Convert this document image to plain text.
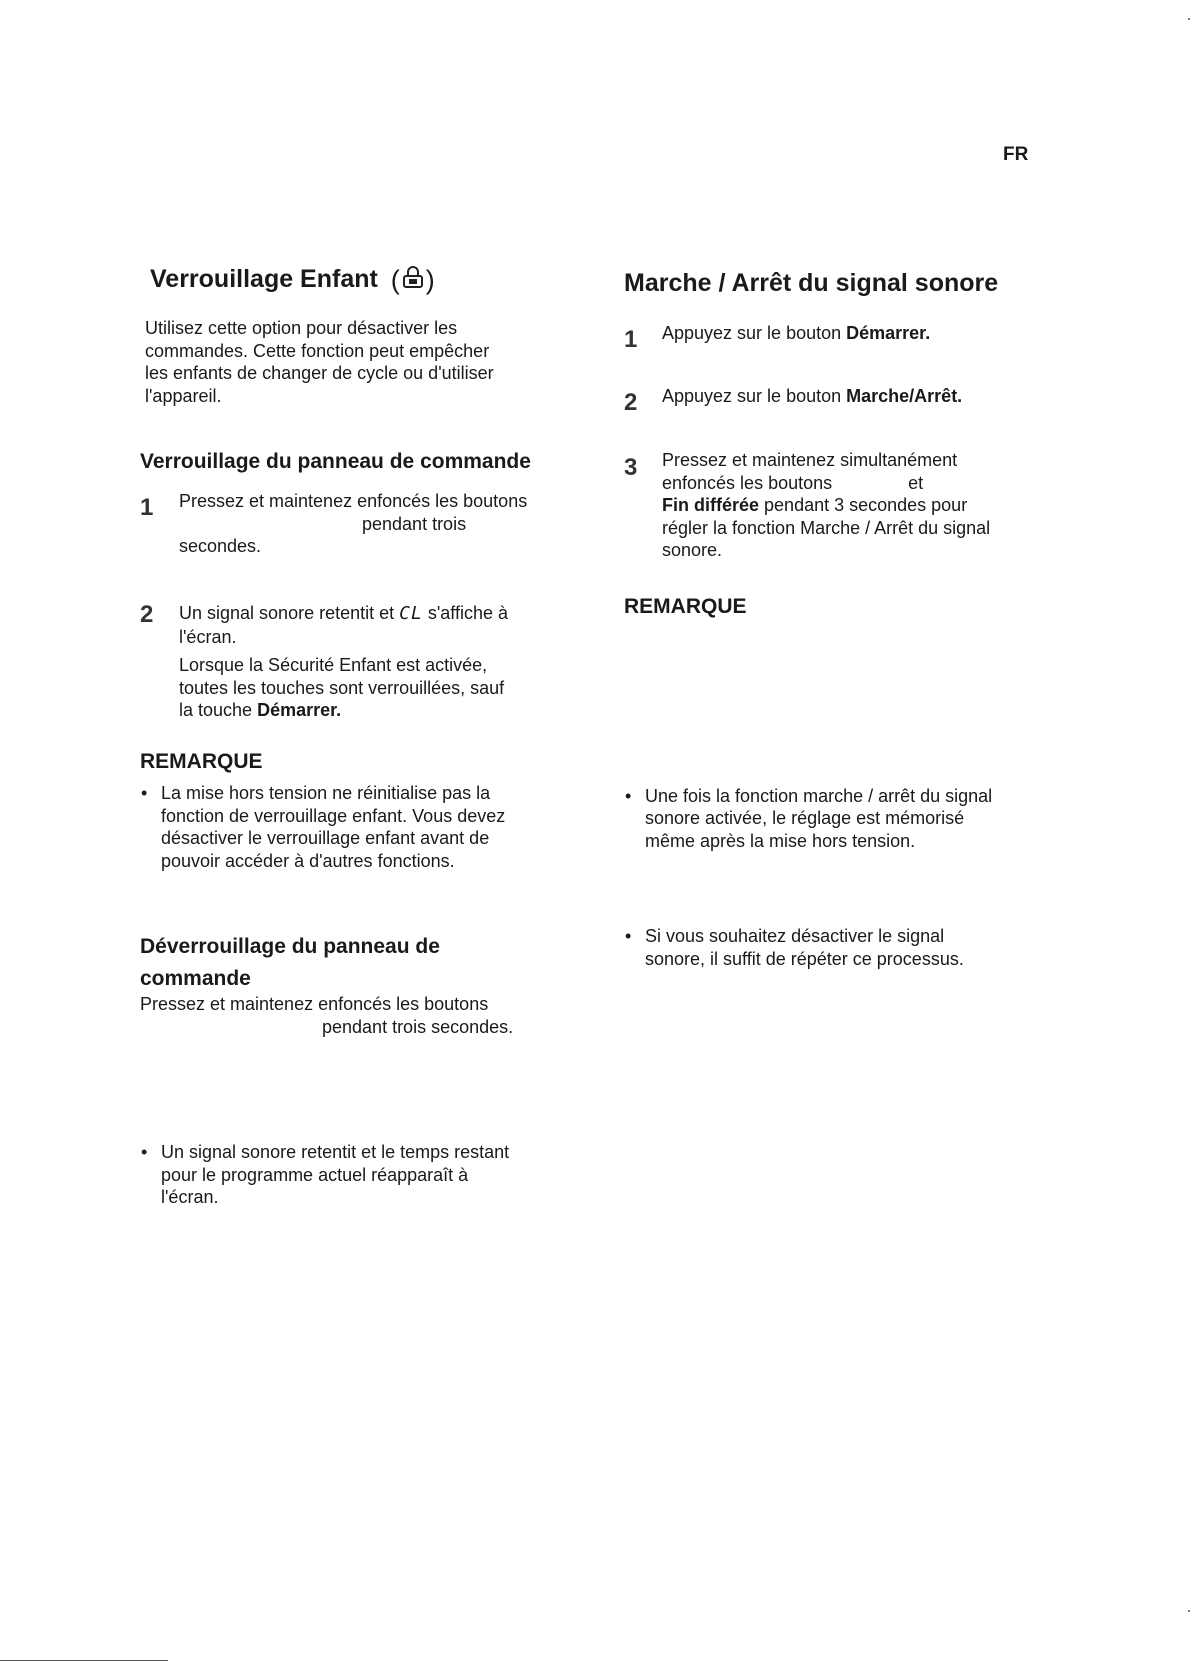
FR
Verrouillage Enfant ( )
Utilisez cette option pour désactiver les
commandes. Cette fonction peut empêcher
les enfants de changer de cycle ou d'utiliser
l'appareil.
Verrouillage du panneau de commande
1 Pressez et maintenez enfoncés les boutons
pendant trois
secondes.
2 Un signal sonore retentit et CL s'affiche à
l'écran.
Lorsque la Sécurité Enfant est activée,
toutes les touches sont verrouillées, sauf
la touche Démarrer.
REMARQUE
• La mise hors tension ne réinitialise pas la
fonction de verrouillage enfant. Vous devez
désactiver le verrouillage enfant avant de
pouvoir accéder à d'autres fonctions.
Déverrouillage du panneau de
commande
Pressez et maintenez enfoncés les boutons
pendant trois secondes.
• Un signal sonore retentit et le temps restant
pour le programme actuel réapparaît à
l'écran.
Marche / Arrêt du signal sonore
1 Appuyez sur le bouton Démarrer.
2 Appuyez sur le bouton Marche/Arrêt.
3 Pressez et maintenez simultanément
enfoncés les boutons	et
Fin différée pendant 3 secondes pour
régler la fonction Marche / Arrêt du signal
sonore.
REMARQUE
• Une fois la fonction marche / arrêt du signal
sonore activée, le réglage est mémorisé
même après la mise hors tension.
• Si vous souhaitez désactiver le signal
sonore, il suffit de répéter ce processus.
